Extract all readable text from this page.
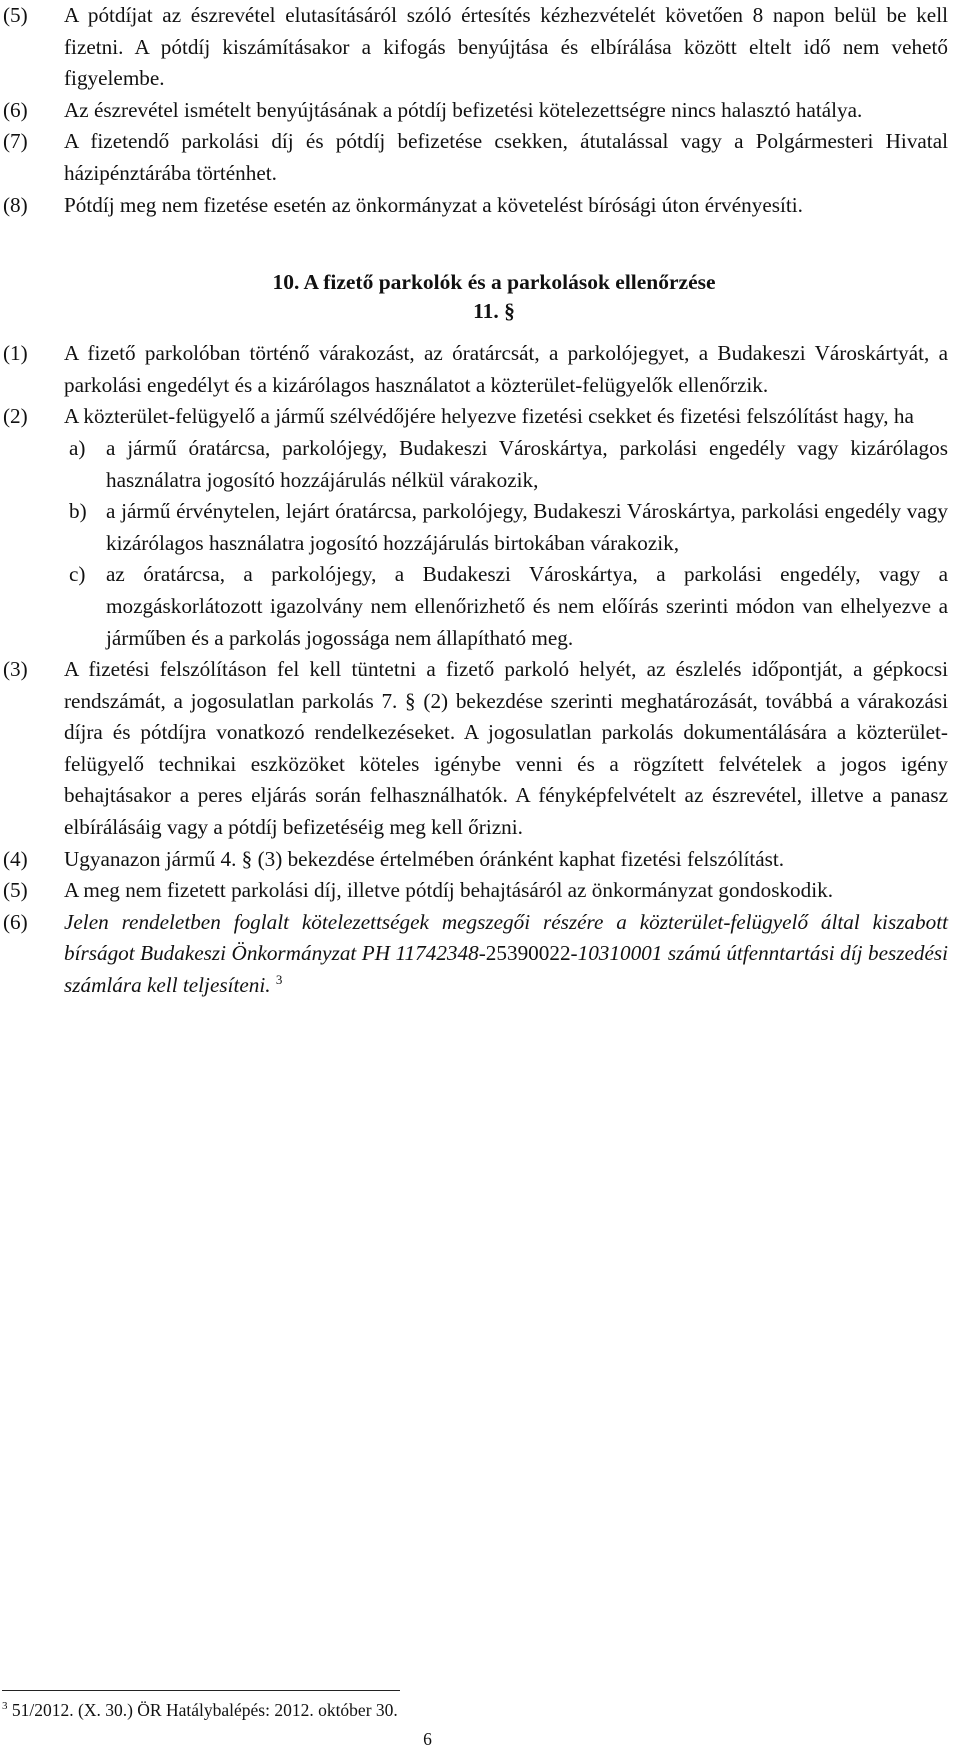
(5) A pótdíjat az észrevétel elutasításáról szóló értesítés kézhezvételét követően 8 napon belül be kell fizetni. A pótdíj kiszámításakor a kifogás benyújtása és elbírálása között eltelt idő nem vehető figyelembe.

(6) Az észrevétel ismételt benyújtásának a pótdíj befizetési kötelezettségre nincs halasztó hatálya.

(7) A fizetendő parkolási díj és pótdíj befizetése csekken, átutalással vagy a Polgármesteri Hivatal házipénztárába történhet.

(8) Pótdíj meg nem fizetése esetén az önkormányzat a követelést bírósági úton érvényesíti.

10. A fizető parkolók és a parkolások ellenőrzése
11. §

(1) A fizető parkolóban történő várakozást, az óratárcsát, a parkolójegyet, a Budakeszi Városkártyát, a parkolási engedélyt és a kizárólagos használatot a közterület-felügyelők ellenőrzik.

(2) A közterület-felügyelő a jármű szélvédőjére helyezve fizetési csekket és fizetési felszólítást hagy, ha

a) a jármű óratárcsa, parkolójegy, Budakeszi Városkártya, parkolási engedély vagy kizárólagos használatra jogosító hozzájárulás nélkül várakozik,

b) a jármű érvénytelen, lejárt óratárcsa, parkolójegy, Budakeszi Városkártya, parkolási engedély vagy kizárólagos használatra jogosító hozzájárulás birtokában várakozik,

c) az óratárcsa, a parkolójegy, a Budakeszi Városkártya, a parkolási engedély, vagy a mozgáskorlátozott igazolvány nem ellenőrizhető és nem előírás szerinti módon van elhelyezve a járműben és a parkolás jogossága nem állapítható meg.

(3) A fizetési felszólításon fel kell tüntetni a fizető parkoló helyét, az észlelés időpontját, a gépkocsi rendszámát, a jogosulatlan parkolás 7. § (2) bekezdése szerinti meghatározását, továbbá a várakozási díjra és pótdíjra vonatkozó rendelkezéseket. A jogosulatlan parkolás dokumentálására a közterület-felügyelő technikai eszközöket köteles igénybe venni és a rögzített felvételek a jogos igény behajtásakor a peres eljárás során felhasználhatók. A fényképfelvételt az észrevétel, illetve a panasz elbírálásáig vagy a pótdíj befizetéséig meg kell őrizni.

(4) Ugyanazon jármű 4. § (3) bekezdése értelmében óránként kaphat fizetési felszólítást.

(5) A meg nem fizetett parkolási díj, illetve pótdíj behajtásáról az önkormányzat gondoskodik.

(6) Jelen rendeletben foglalt kötelezettségek megszegői részére a közterület-felügyelő által kiszabott bírságot Budakeszi Önkormányzat PH 11742348-25390022-10310001 számú útfenntartási díj beszedési számlára kell teljesíteni. $^3$

$^3$ 51/2012. (X. 30.) ÖR Hatálybalépés: 2012. október 30.
6
